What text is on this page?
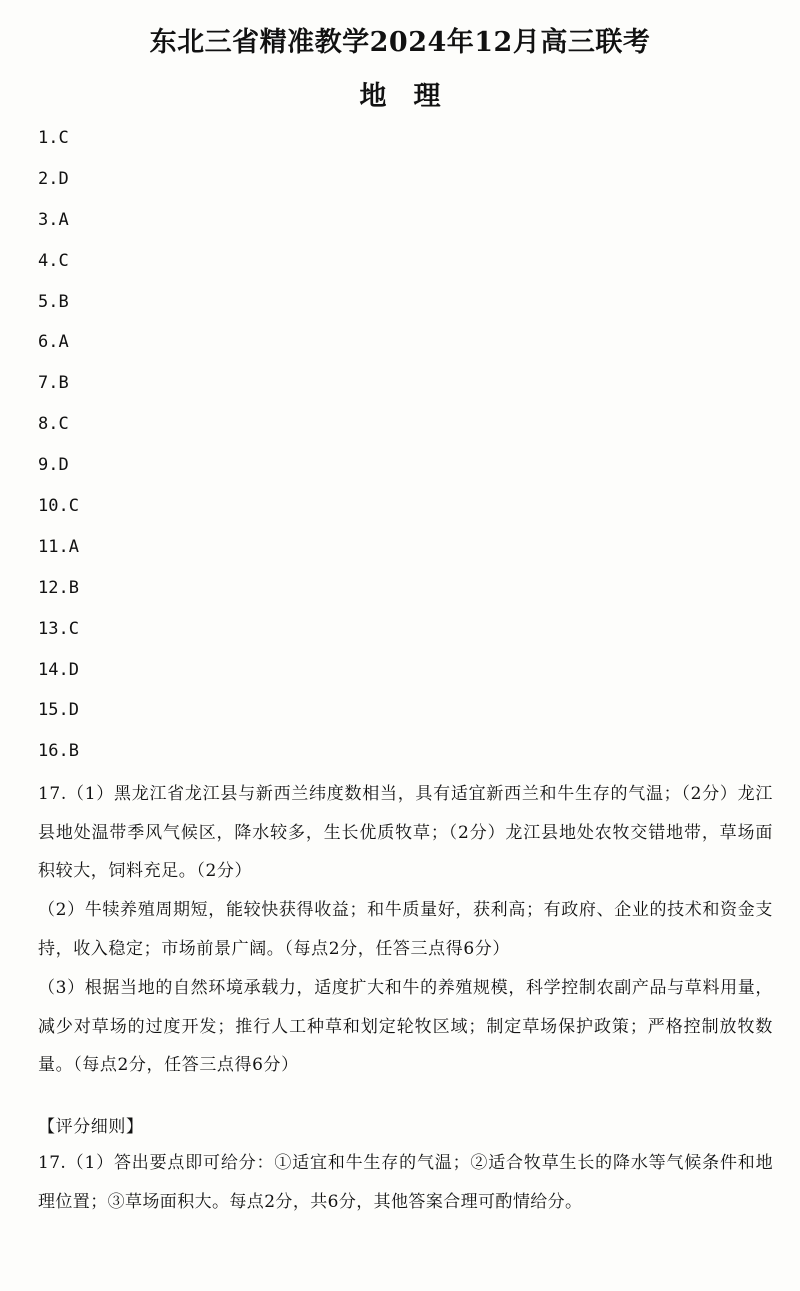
东北三省精准教学2024年12月高三联考
地　理
1.C
2.D
3.A
4.C
5.B
6.A
7.B
8.C
9.D
10.C
11.A
12.B
13.C
14.D
15.D
16.B
17.（1）黑龙江省龙江县与新西兰纬度数相当，具有适宜新西兰和牛生存的气温；（2分）龙江县地处温带季风气候区，降水较多，生长优质牧草；（2分）龙江县地处农牧交错地带，草场面积较大，饲料充足。（2分）
（2）牛犊养殖周期短，能较快获得收益；和牛质量好，获利高；有政府、企业的技术和资金支持，收入稳定；市场前景广阔。（每点2分，任答三点得6分）
（3）根据当地的自然环境承载力，适度扩大和牛的养殖规模，科学控制农副产品与草料用量，减少对草场的过度开发；推行人工种草和划定轮牧区域；制定草场保护政策；严格控制放牧数量。（每点2分，任答三点得6分）
【评分细则】
17.（1）答出要点即可给分：①适宜和牛生存的气温；②适合牧草生长的降水等气候条件和地理位置；③草场面积大。每点2分，共6分，其他答案合理可酌情给分。
